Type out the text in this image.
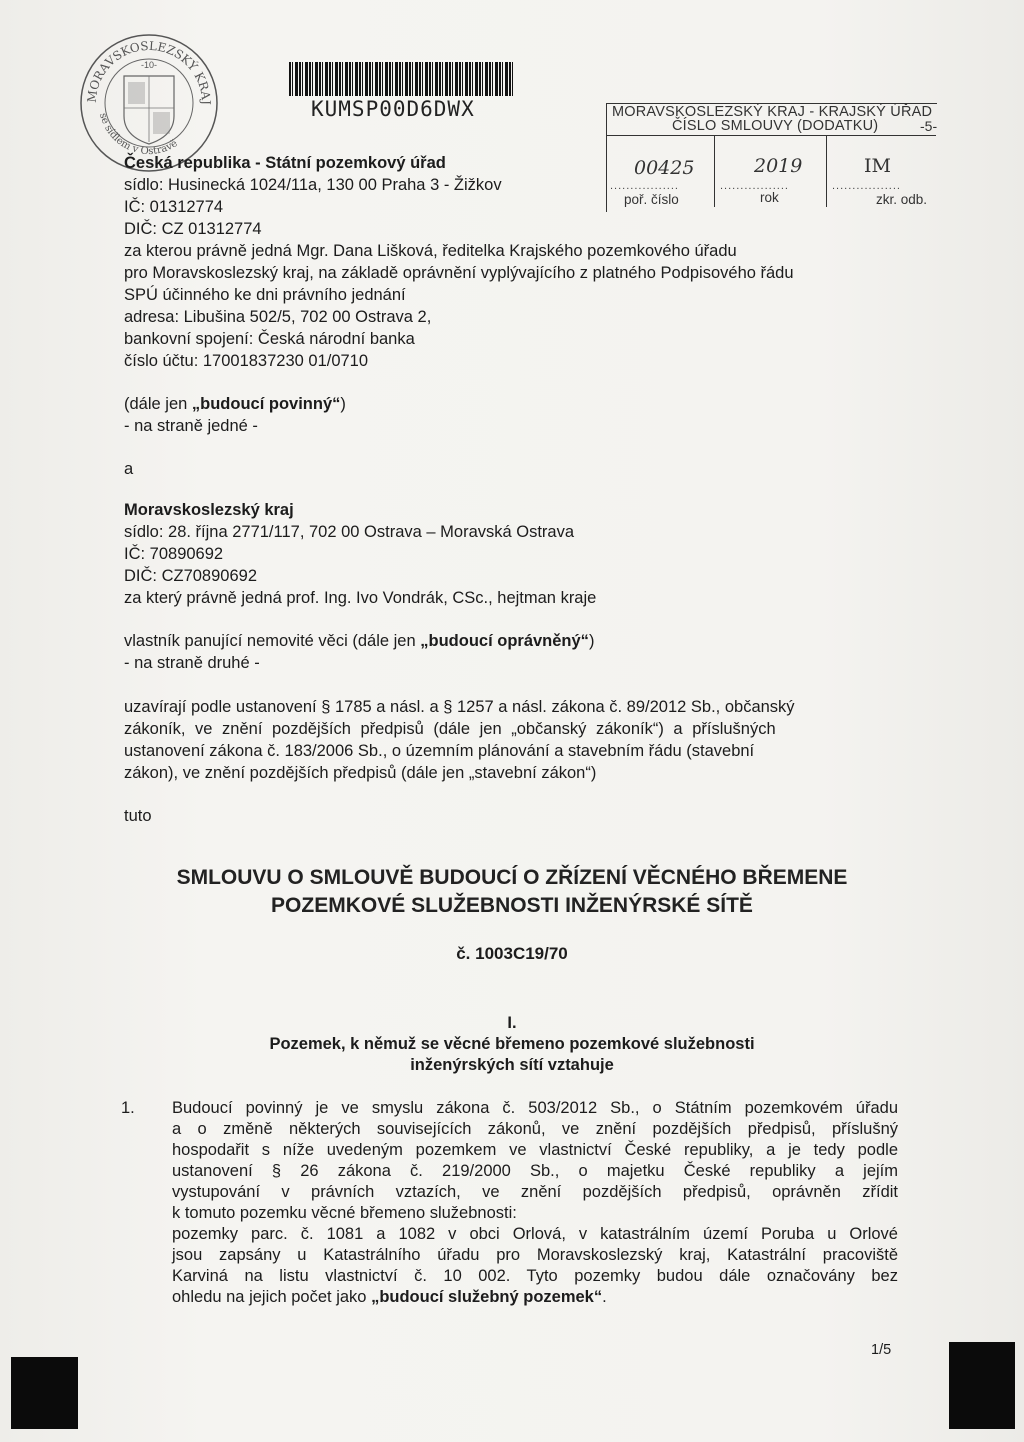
MORAVSKOSLEZSKÝ KRAJ
se sídlem v Ostravě
-10-
KUMSP00D6DWX	MORAVSKOSLEZSKÝ KRAJ - KRAJSKÝ ÚŘAD
ČÍSLO SMLOUVY (DODATKU)	-5-
00425	2019	IM
.................	.................	.................
poř. číslo	rok	zkr. odb.
Česká republika - Státní pozemkový úřad
sídlo: Husinecká 1024/11a, 130 00 Praha 3 - Žižkov
IČ: 01312774
DIČ: CZ 01312774
za kterou právně jedná Mgr. Dana Lišková, ředitelka Krajského pozemkového úřadu
pro Moravskoslezský kraj, na základě oprávnění vyplývajícího z platného Podpisového řádu
SPÚ účinného ke dni právního jednání
adresa: Libušina 502/5, 702 00 Ostrava 2,
bankovní spojení: Česká národní banka
číslo účtu: 17001837230 01/0710
(dále jen „budoucí povinný“)
- na straně jedné -
a
Moravskoslezský kraj
sídlo: 28. října 2771/117, 702 00 Ostrava – Moravská Ostrava
IČ: 70890692
DIČ: CZ70890692
za který právně jedná prof. Ing. Ivo Vondrák, CSc., hejtman kraje
vlastník panující nemovité věci (dále jen „budoucí oprávněný“)
- na straně druhé -
uzavírají podle ustanovení § 1785 a násl. a § 1257 a násl. zákona č. 89/2012 Sb., občanský
zákoník, ve znění pozdějších předpisů (dále jen „občanský zákoník“) a příslušných
ustanovení zákona č. 183/2006 Sb., o územním plánování a stavebním řádu (stavební
zákon), ve znění pozdějších předpisů (dále jen „stavební zákon“)
tuto
SMLOUVU O SMLOUVĚ BUDOUCÍ O ZŘÍZENÍ VĚCNÉHO BŘEMENE
POZEMKOVÉ SLUŽEBNOSTI INŽENÝRSKÉ SÍTĚ
č. 1003C19/70
I.
Pozemek, k němuž se věcné břemeno pozemkové služebnosti
inženýrských sítí vztahuje
1. Budoucí povinný je ve smyslu zákona č. 503/2012 Sb., o Státním pozemkovém úřadu
a o změně některých souvisejících zákonů, ve znění pozdějších předpisů, příslušný
hospodařit s níže uvedeným pozemkem ve vlastnictví České republiky, a je tedy podle
ustanovení § 26 zákona č. 219/2000 Sb., o majetku České republiky a jejím
vystupování v právních vztazích, ve znění pozdějších předpisů, oprávněn zřídit
k tomuto pozemku věcné břemeno služebnosti:
pozemky parc. č. 1081 a 1082 v obci Orlová, v katastrálním území Poruba u Orlové
jsou zapsány u Katastrálního úřadu pro Moravskoslezský kraj, Katastrální pracoviště
Karviná na listu vlastnictví č. 10 002. Tyto pozemky budou dále označovány bez
ohledu na jejich počet jako „budoucí služebný pozemek“.
1/5
